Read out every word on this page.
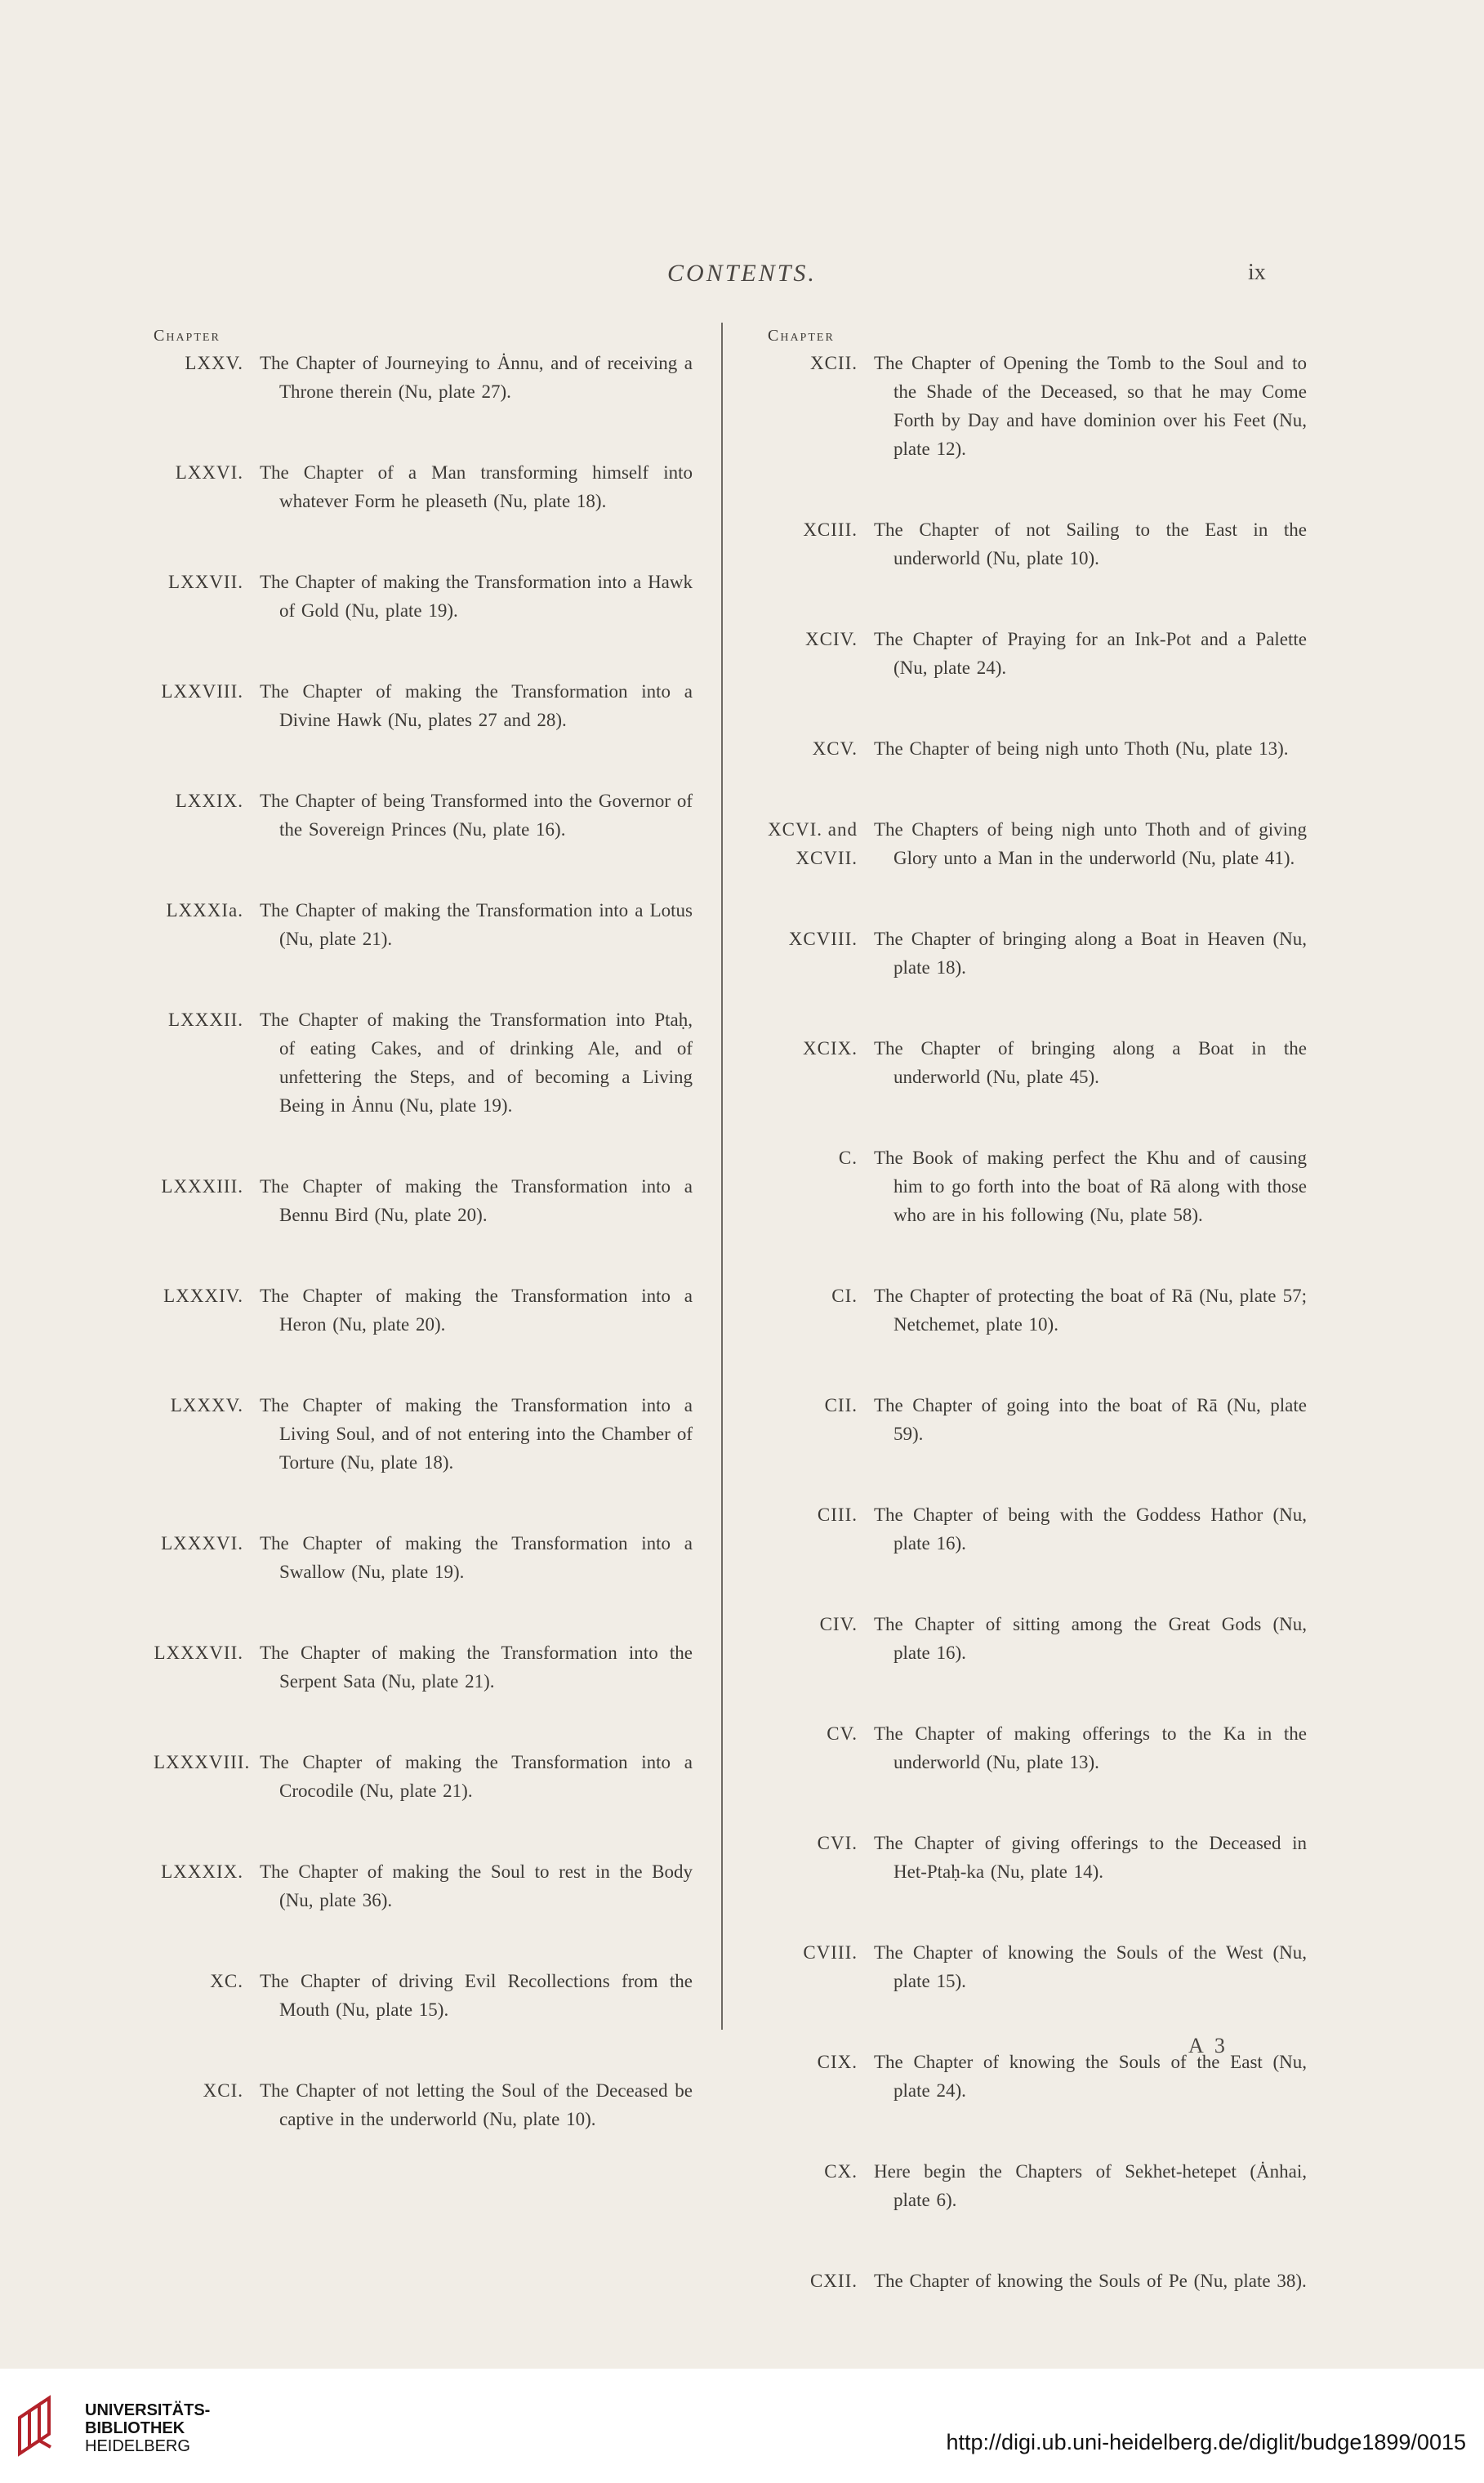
CONTENTS.	ix
Chapter
LXXV. The Chapter of Journeying to Ȧnnu, and of receiving a Throne therein (Nu, plate 27).
LXXVI. The Chapter of a Man transforming himself into whatever Form he pleaseth (Nu, plate 18).
LXXVII. The Chapter of making the Transformation into a Hawk of Gold (Nu, plate 19).
LXXVIII. The Chapter of making the Transformation into a Divine Hawk (Nu, plates 27 and 28).
LXXIX. The Chapter of being Transformed into the Governor of the Sovereign Princes (Nu, plate 16).
LXXXIa. The Chapter of making the Transformation into a Lotus (Nu, plate 21).
LXXXII. The Chapter of making the Transformation into Ptaḥ, of eating Cakes, and of drinking Ale, and of unfettering the Steps, and of becoming a Living Being in Ȧnnu (Nu, plate 19).
LXXXIII. The Chapter of making the Transformation into a Bennu Bird (Nu, plate 20).
LXXXIV. The Chapter of making the Transformation into a Heron (Nu, plate 20).
LXXXV. The Chapter of making the Transformation into a Living Soul, and of not entering into the Chamber of Torture (Nu, plate 18).
LXXXVI. The Chapter of making the Transformation into a Swallow (Nu, plate 19).
LXXXVII. The Chapter of making the Transformation into the Serpent Sata (Nu, plate 21).
LXXXVIII. The Chapter of making the Transformation into a Crocodile (Nu, plate 21).
LXXXIX. The Chapter of making the Soul to rest in the Body (Nu, plate 36).
XC. The Chapter of driving Evil Recollections from the Mouth (Nu, plate 15).
XCI. The Chapter of not letting the Soul of the Deceased be captive in the underworld (Nu, plate 10).
Chapter
XCII. The Chapter of Opening the Tomb to the Soul and to the Shade of the Deceased, so that he may Come Forth by Day and have dominion over his Feet (Nu, plate 12).
XCIII. The Chapter of not Sailing to the East in the underworld (Nu, plate 10).
XCIV. The Chapter of Praying for an Ink-Pot and a Palette (Nu, plate 24).
XCV. The Chapter of being nigh unto Thoth (Nu, plate 13).
XCVI. and
XCVII.
The Chapters of being nigh unto Thoth and of giving Glory unto a Man in the underworld (Nu, plate 41).
XCVIII. The Chapter of bringing along a Boat in Heaven (Nu, plate 18).
XCIX. The Chapter of bringing along a Boat in the underworld (Nu, plate 45).
C. The Book of making perfect the Khu and of causing him to go forth into the boat of Rā along with those who are in his following (Nu, plate 58).
CI. The Chapter of protecting the boat of Rā (Nu, plate 57; Netchemet, plate 10).
CII. The Chapter of going into the boat of Rā (Nu, plate 59).
CIII. The Chapter of being with the Goddess Hathor (Nu, plate 16).
CIV. The Chapter of sitting among the Great Gods (Nu, plate 16).
CV. The Chapter of making offerings to the Ka in the underworld (Nu, plate 13).
CVI. The Chapter of giving offerings to the Deceased in Het-Ptaḥ-ka (Nu, plate 14).
CVIII. The Chapter of knowing the Souls of the West (Nu, plate 15).
CIX. The Chapter of knowing the Souls of the East (Nu, plate 24).
CX. Here begin the Chapters of Sekhet-hetepet (Ȧnhai, plate 6).
CXII. The Chapter of knowing the Souls of Pe (Nu, plate 38).
A 3
UNIVERSITÄTS-
BIBLIOTHEK
HEIDELBERG	http://digi.ub.uni-heidelberg.de/diglit/budge1899/0015
